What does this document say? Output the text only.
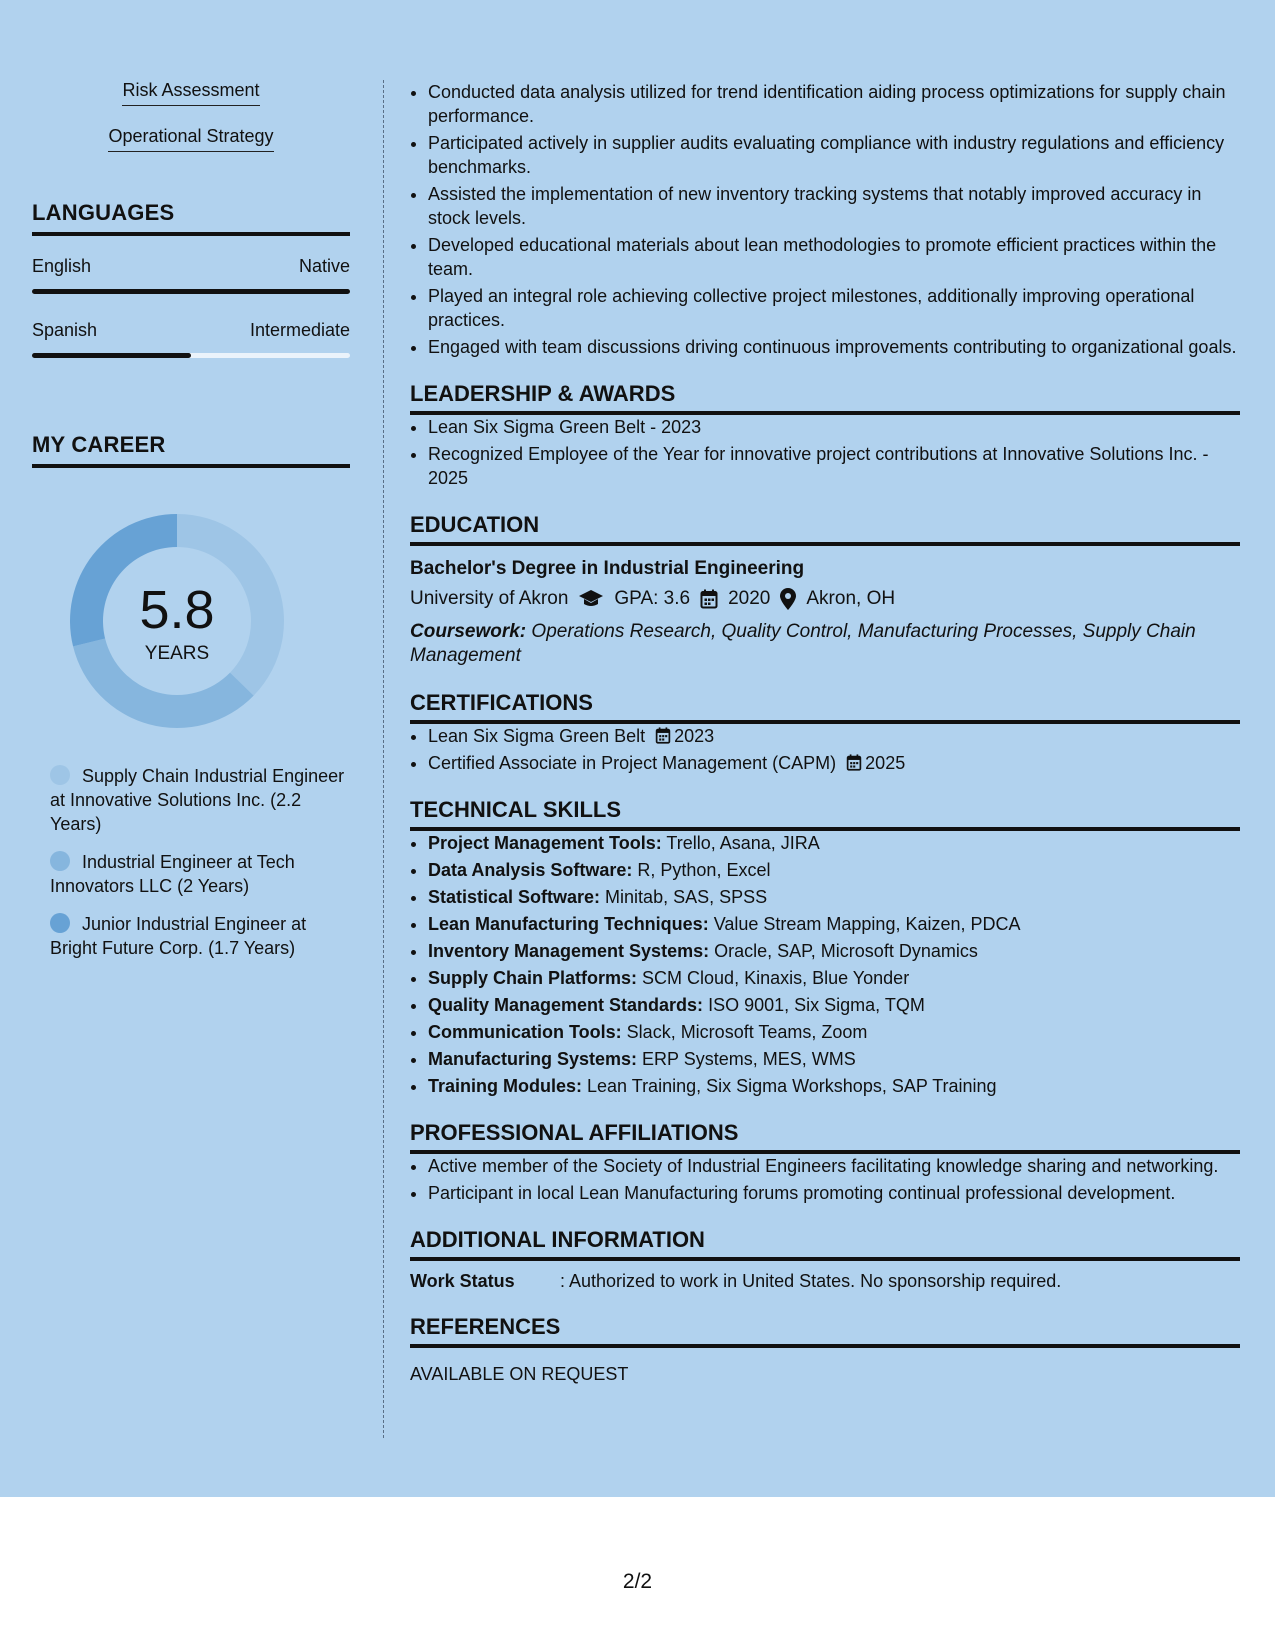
Risk Assessment
Operational Strategy
LANGUAGES
English	Native
Spanish	Intermediate
MY CAREER
5.8
YEARS
Supply Chain Industrial Engineer at Innovative Solutions Inc. (2.2 Years)
Industrial Engineer at Tech Innovators LLC (2 Years)
Junior Industrial Engineer at Bright Future Corp. (1.7 Years)
• Conducted data analysis utilized for trend identification aiding process optimizations for supply chain performance.
• Participated actively in supplier audits evaluating compliance with industry regulations and efficiency benchmarks.
• Assisted the implementation of new inventory tracking systems that notably improved accuracy in stock levels.
• Developed educational materials about lean methodologies to promote efficient practices within the team.
• Played an integral role achieving collective project milestones, additionally improving operational practices.
• Engaged with team discussions driving continuous improvements contributing to organizational goals.
LEADERSHIP & AWARDS
• Lean Six Sigma Green Belt - 2023
• Recognized Employee of the Year for innovative project contributions at Innovative Solutions Inc. - 2025
EDUCATION
Bachelor's Degree in Industrial Engineering
University of Akron GPA: 3.6 2020 Akron, OH
Coursework: Operations Research, Quality Control, Manufacturing Processes, Supply Chain Management
CERTIFICATIONS
• Lean Six Sigma Green Belt 2023
• Certified Associate in Project Management (CAPM) 2025
TECHNICAL SKILLS
• Project Management Tools: Trello, Asana, JIRA
• Data Analysis Software: R, Python, Excel
• Statistical Software: Minitab, SAS, SPSS
• Lean Manufacturing Techniques: Value Stream Mapping, Kaizen, PDCA
• Inventory Management Systems: Oracle, SAP, Microsoft Dynamics
• Supply Chain Platforms: SCM Cloud, Kinaxis, Blue Yonder
• Quality Management Standards: ISO 9001, Six Sigma, TQM
• Communication Tools: Slack, Microsoft Teams, Zoom
• Manufacturing Systems: ERP Systems, MES, WMS
• Training Modules: Lean Training, Six Sigma Workshops, SAP Training
PROFESSIONAL AFFILIATIONS
• Active member of the Society of Industrial Engineers facilitating knowledge sharing and networking.
• Participant in local Lean Manufacturing forums promoting continual professional development.
ADDITIONAL INFORMATION
Work Status	: Authorized to work in United States. No sponsorship required.
REFERENCES
AVAILABLE ON REQUEST
2/2
